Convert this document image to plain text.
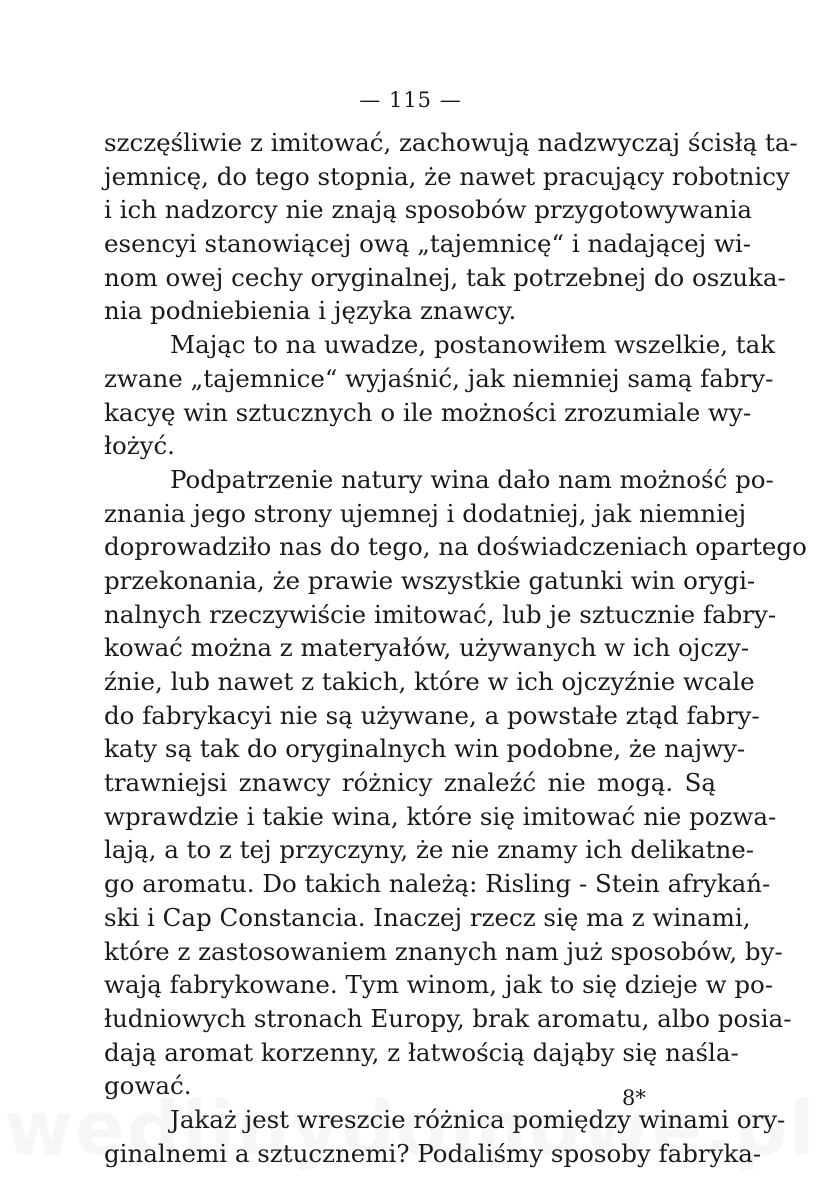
— 115 —
szczęśliwie z imitować, zachowują nadzwyczaj ścisłą ta-
jemnicę, do tego stopnia, że nawet pracujący robotnicy
i ich nadzorcy nie znają sposobów przygotowywania
esencyi stanowiącej ową „tajemnicę“ i nadającej wi-
nom owej cechy oryginalnej, tak potrzebnej do oszuka-
nia podniebienia i języka znawcy.
Mając to na uwadze, postanowiłem wszelkie, tak
zwane „tajemnice“ wyjaśnić, jak niemniej samą fabry-
kacyę win sztucznych o ile możności zrozumiale wy-
łożyć.
Podpatrzenie natury wina dało nam możność po-
znania jego strony ujemnej i dodatniej, jak niemniej
doprowadziło nas do tego, na doświadczeniach opartego
przekonania, że prawie wszystkie gatunki win orygi-
nalnych rzeczywiście imitować, lub je sztucznie fabry-
kować można z materyałów, używanych w ich ojczy-
źnie, lub nawet z takich, które w ich ojczyźnie wcale
do fabrykacyi nie są używane, a powstałe ztąd fabry-
katy są tak do oryginalnych win podobne, że najwy-
trawniejsi znawcy różnicy znaleźć nie mogą. Są
wprawdzie i takie wina, które się imitować nie pozwa-
lają, a to z tej przyczyny, że nie znamy ich delikatne-
go aromatu. Do takich należą: Risling - Stein afrykań-
ski i Cap Constancia. Inaczej rzecz się ma z winami,
które z zastosowaniem znanych nam już sposobów, by-
wają fabrykowane. Tym winom, jak to się dzieje w po-
łudniowych stronach Europy, brak aromatu, albo posia-
dają aromat korzenny, z łatwością dająby się naśla-
gować.
Jakaż jest wreszcie różnica pomiędzy winami ory-
ginalnemi a sztucznemi? Podaliśmy sposoby fabryka-
8*
